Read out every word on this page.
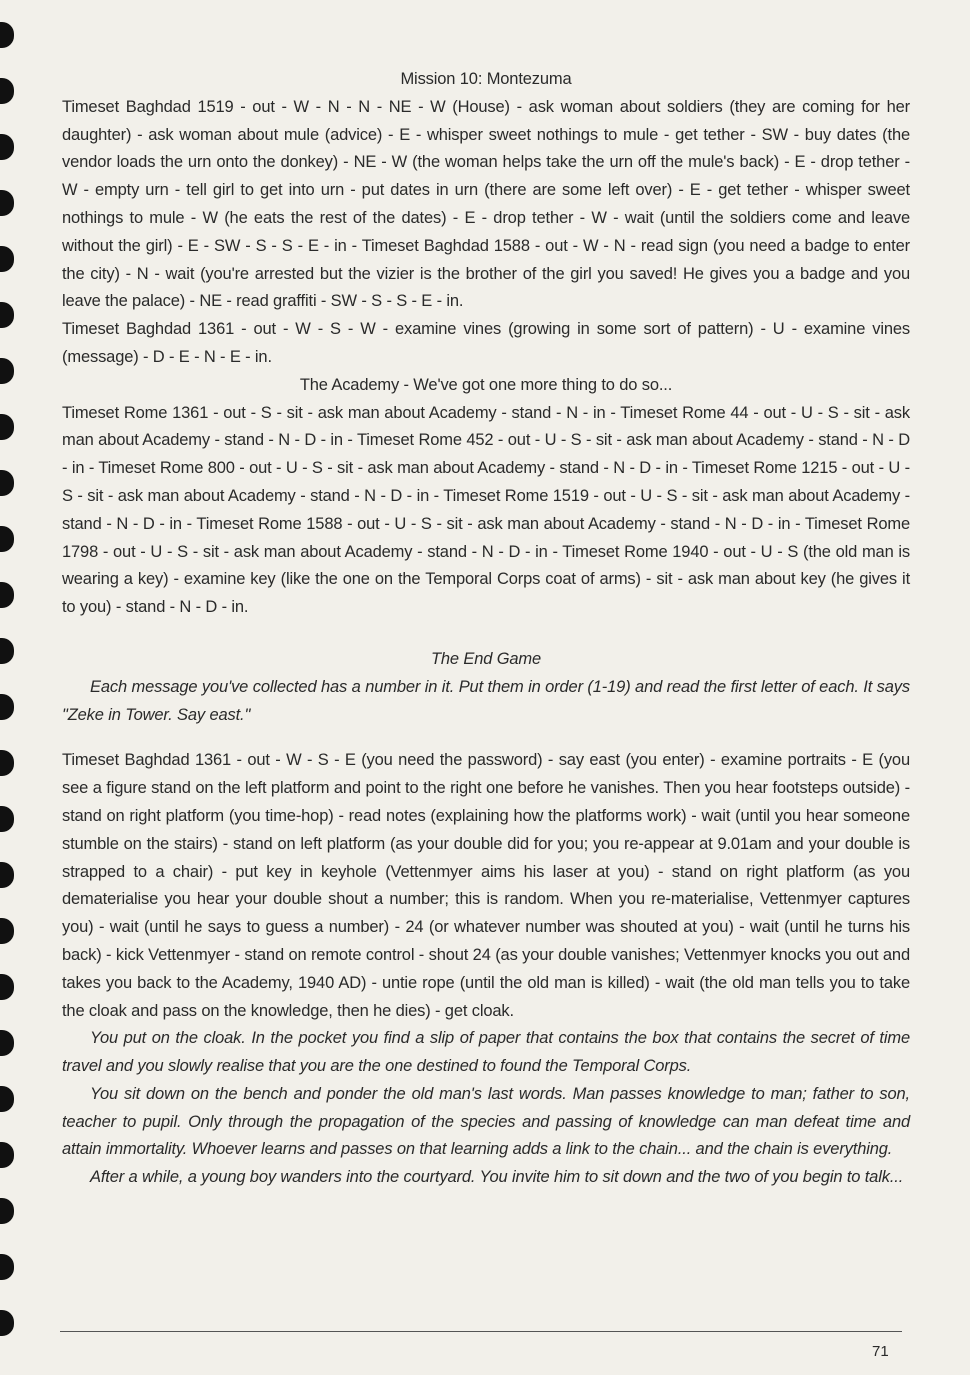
Mission 10: Montezuma

Timeset Baghdad 1519 - out - W - N - N - NE - W (House) - ask woman about soldiers (they are coming for her daughter) - ask woman about mule (advice) - E - whisper sweet nothings to mule - get tether - SW - buy dates (the vendor loads the urn onto the donkey) - NE - W (the woman helps take the urn off the mule's back) - E - drop tether - W - empty urn - tell girl to get into urn - put dates in urn (there are some left over) - E - get tether - whisper sweet nothings to mule - W (he eats the rest of the dates) - E - drop tether - W - wait (until the soldiers come and leave without the girl) - E - SW - S - S - E - in - Timeset Baghdad 1588 - out - W - N - read sign (you need a badge to enter the city) - N - wait (you're arrested but the vizier is the brother of the girl you saved! He gives you a badge and you leave the palace) - NE - read graffiti - SW - S - S - E - in.

Timeset Baghdad 1361 - out - W - S - W - examine vines (growing in some sort of pattern) - U - examine vines (message) - D - E - N - E - in.

The Academy - We've got one more thing to do so...

Timeset Rome 1361 - out - S - sit - ask man about Academy - stand - N - in - Timeset Rome 44 - out - U - S - sit - ask man about Academy - stand - N - D - in - Timeset Rome 452 - out - U - S - sit - ask man about Academy - stand - N - D - in - Timeset Rome 800 - out - U - S - sit - ask man about Academy - stand - N - D - in - Timeset Rome 1215 - out - U - S - sit - ask man about Academy - stand - N - D - in - Timeset Rome 1519 - out - U - S - sit - ask man about Academy - stand - N - D - in - Timeset Rome 1588 - out - U - S - sit - ask man about Academy - stand - N - D - in - Timeset Rome 1798 - out - U - S - sit - ask man about Academy - stand - N - D - in - Timeset Rome 1940 - out - U - S (the old man is wearing a key) - examine key (like the one on the Temporal Corps coat of arms) - sit - ask man about key (he gives it to you) - stand - N - D - in.

The End Game

Each message you've collected has a number in it. Put them in order (1-19) and read the first letter of each. It says "Zeke in Tower. Say east."

Timeset Baghdad 1361 - out - W - S - E (you need the password) - say east (you enter) - examine portraits - E (you see a figure stand on the left platform and point to the right one before he vanishes. Then you hear footsteps outside) - stand on right platform (you time-hop) - read notes (explaining how the platforms work) - wait (until you hear someone stumble on the stairs) - stand on left platform (as your double did for you; you re-appear at 9.01am and your double is strapped to a chair) - put key in keyhole (Vettenmyer aims his laser at you) - stand on right platform (as you dematerialise you hear your double shout a number; this is random. When you re-materialise, Vettenmyer captures you) - wait (until he says to guess a number) - 24 (or whatever number was shouted at you) - wait (until he turns his back) - kick Vettenmyer - stand on remote control - shout 24 (as your double vanishes; Vettenmyer knocks you out and takes you back to the Academy, 1940 AD) - untie rope (until the old man is killed) - wait (the old man tells you to take the cloak and pass on the knowledge, then he dies) - get cloak.

You put on the cloak. In the pocket you find a slip of paper that contains the box that contains the secret of time travel and you slowly realise that you are the one destined to found the Temporal Corps.

You sit down on the bench and ponder the old man's last words. Man passes knowledge to man; father to son, teacher to pupil. Only through the propagation of the species and passing of knowledge can man defeat time and attain immortality. Whoever learns and passes on that learning adds a link to the chain... and the chain is everything.

After a while, a young boy wanders into the courtyard. You invite him to sit down and the two of you begin to talk...

71
